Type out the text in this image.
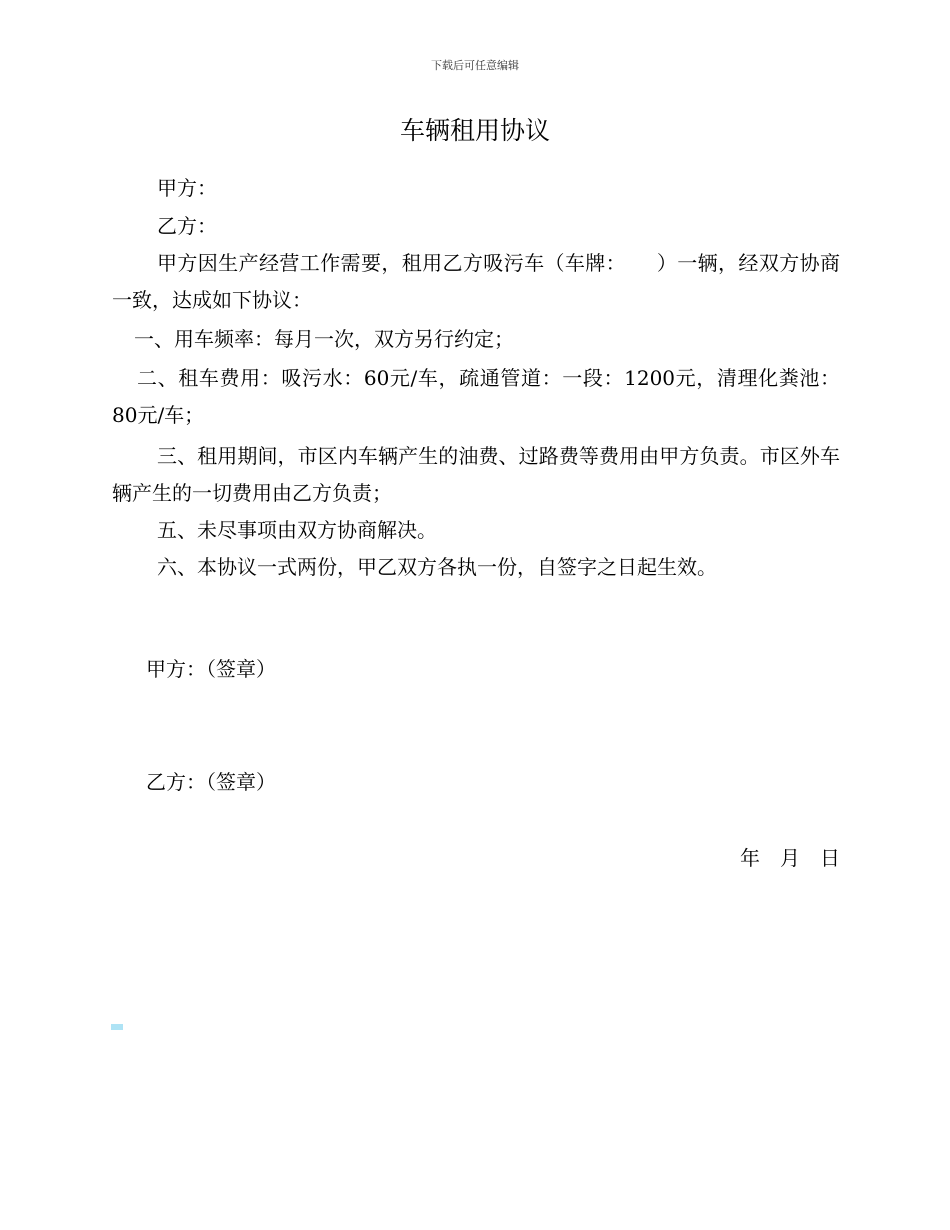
下载后可任意编辑
车辆租用协议
甲方：
乙方：
甲方因生产经营工作需要，租用乙方吸污车（车牌：　　）一辆，经双方协商一致，达成如下协议：
一、用车频率：每月一次，双方另行约定；
二、租车费用：吸污水：60元/车，疏通管道：一段：1200元，清理化粪池：80元/车；
三、租用期间，市区内车辆产生的油费、过路费等费用由甲方负责。市区外车辆产生的一切费用由乙方负责；
五、未尽事项由双方协商解决。
六、本协议一式两份，甲乙双方各执一份，自签字之日起生效。
甲方：（签章）
乙方：（签章）
年　月　日
